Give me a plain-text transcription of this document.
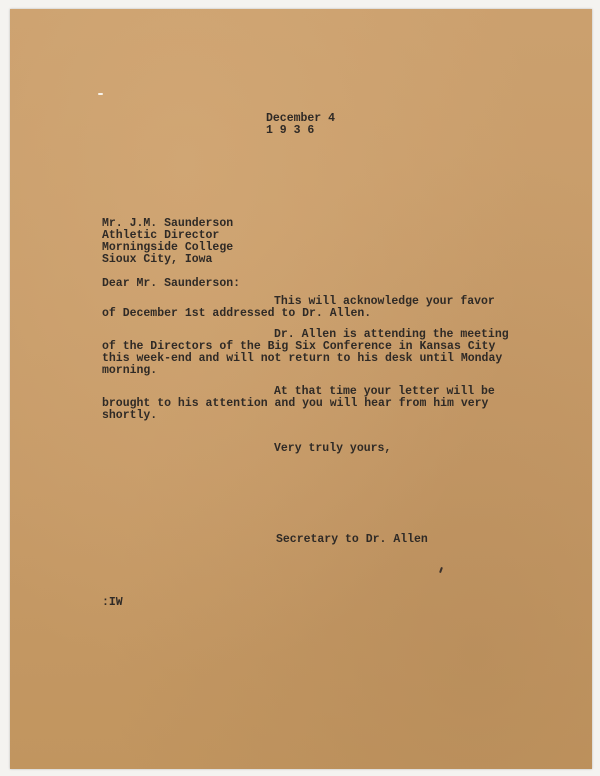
December 4
1 9 3 6
Mr. J.M. Saunderson
Athletic Director
Morningside College
Sioux City, Iowa
Dear Mr. Saunderson:
This will acknowledge your favor
of December 1st addressed to Dr. Allen.
Dr. Allen is attending the meeting
of the Directors of the Big Six Conference in Kansas City
this week-end and will not return to his desk until Monday
morning.
At that time your letter will be
brought to his attention and you will hear from him very
shortly.
Very truly yours,
Secretary to Dr. Allen
:IW
